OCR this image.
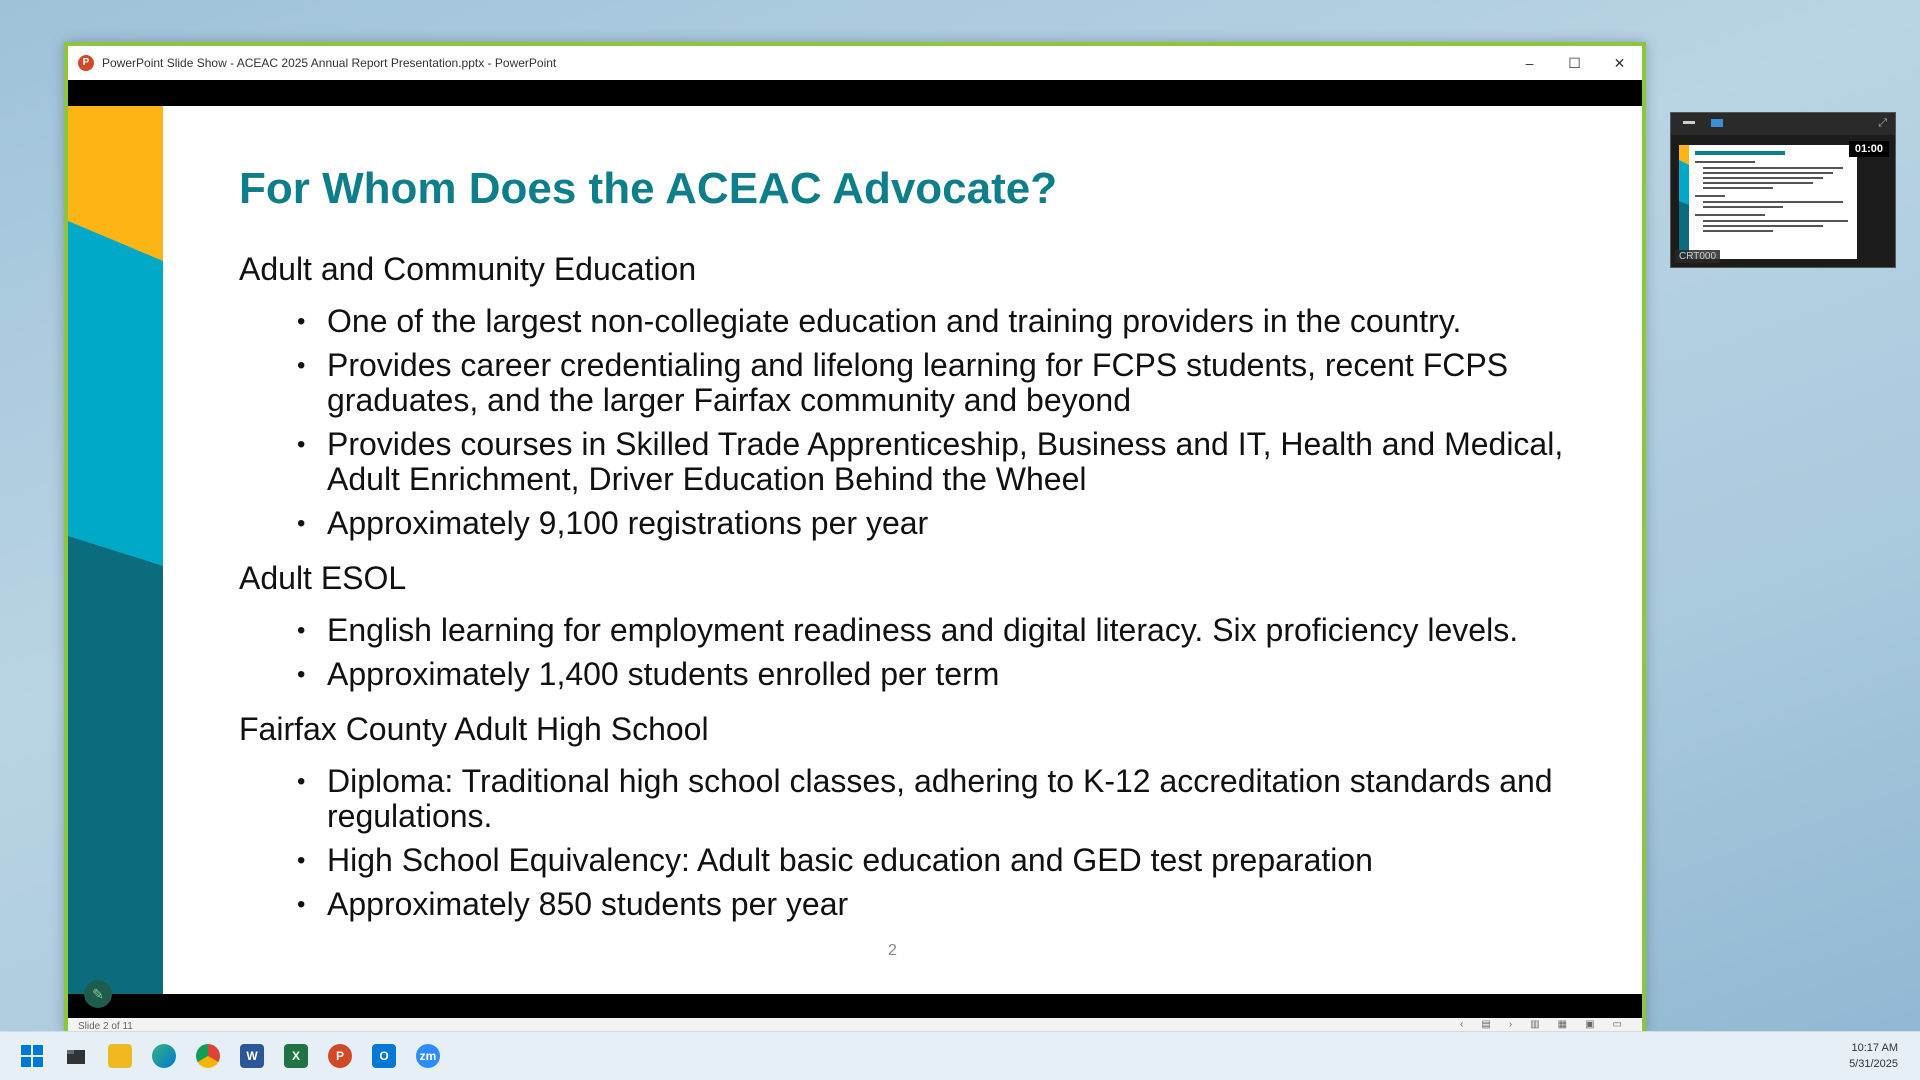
P	PowerPoint Slide Show - ACEAC 2025 Annual Report Presentation.pptx - PowerPoint	–	☐	✕
For Whom Does the ACEAC Advocate?
Adult and Community Education
• One of the largest non-collegiate education and training providers in the country.
• Provides career credentialing and lifelong learning for FCPS students, recent FCPS graduates, and the larger Fairfax community and beyond
• Provides courses in Skilled Trade Apprenticeship, Business and IT, Health and Medical, Adult Enrichment, Driver Education Behind the Wheel
• Approximately 9,100 registrations per year
Adult ESOL
• English learning for employment readiness and digital literacy. Six proficiency levels.
• Approximately 1,400 students enrolled per term
Fairfax County Adult High School
• Diploma: Traditional high school classes, adhering to K-12 accreditation standards and regulations.
• High School Equivalency: Adult basic education and GED test preparation
• Approximately 850 students per year
2
✎
Slide 2 of 11	‹ ▤ › ▥ ▦ ▣ ▭
⤢
01:00
CRT000
W	X	P	O	zm
10:17 AM
5/31/2025
